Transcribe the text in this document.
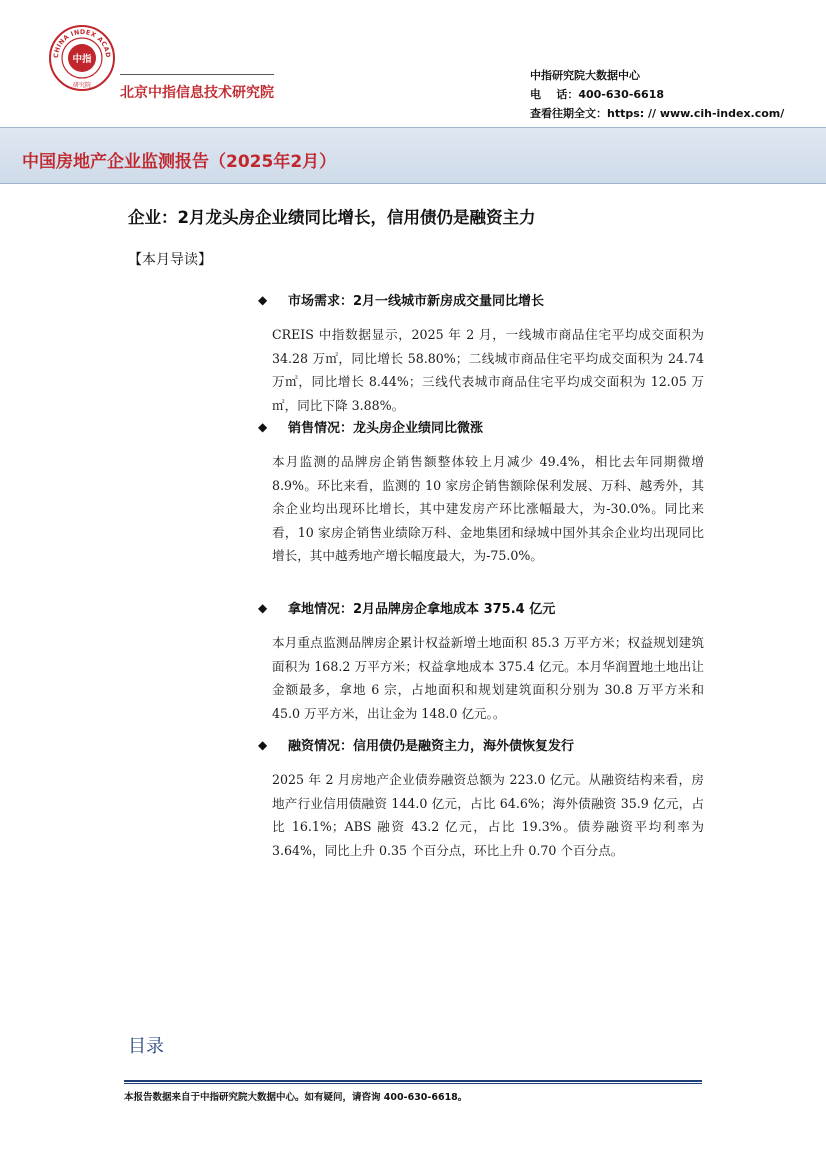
CHINA INDEX ACAD
中指
研究院 北京中指信息技术研究院
中指研究院大数据中心
电    话： 400-630-6618
查看往期全文： https: // www.cih-index.com/
中国房地产企业监测报告（2025年2月）
企业：2月龙头房企业绩同比增长，信用债仍是融资主力
【本月导读】
◆	市场需求：2月一线城市新房成交量同比增长
CREIS 中指数据显示，2025 年 2 月，一线城市商品住宅平均成交面积为 34.28 万㎡，同比增长 58.80%；二线城市商品住宅平均成交面积为 24.74 万㎡，同比增长 8.44%；三线代表城市商品住宅平均成交面积为 12.05 万㎡，同比下降 3.88%。
◆	销售情况：龙头房企业绩同比微涨
本月监测的品牌房企销售额整体较上月减少 49.4%，相比去年同期微增 8.9%。环比来看，监测的 10 家房企销售额除保利发展、万科、越秀外，其余企业均出现环比增长，其中建发房产环比涨幅最大，为-30.0%。同比来看，10 家房企销售业绩除万科、金地集团和绿城中国外其余企业均出现同比增长，其中越秀地产增长幅度最大，为-75.0%。
◆	拿地情况：2月品牌房企拿地成本 375.4 亿元
本月重点监测品牌房企累计权益新增土地面积 85.3 万平方米；权益规划建筑面积为 168.2 万平方米；权益拿地成本 375.4 亿元。本月华润置地土地出让金额最多，拿地 6 宗，占地面积和规划建筑面积分别为 30.8 万平方米和 45.0 万平方米，出让金为 148.0 亿元。。
◆	融资情况：信用债仍是融资主力，海外债恢复发行
2025 年 2 月房地产企业债券融资总额为 223.0 亿元。从融资结构来看，房地产行业信用债融资 144.0 亿元，占比 64.6%；海外债融资 35.9 亿元，占比 16.1%；ABS 融资 43.2 亿元，占比 19.3%。债券融资平均利率为 3.64%，同比上升 0.35 个百分点，环比上升 0.70 个百分点。
目录
本报告数据来自于中指研究院大数据中心。如有疑问，请咨询 400-630-6618。
